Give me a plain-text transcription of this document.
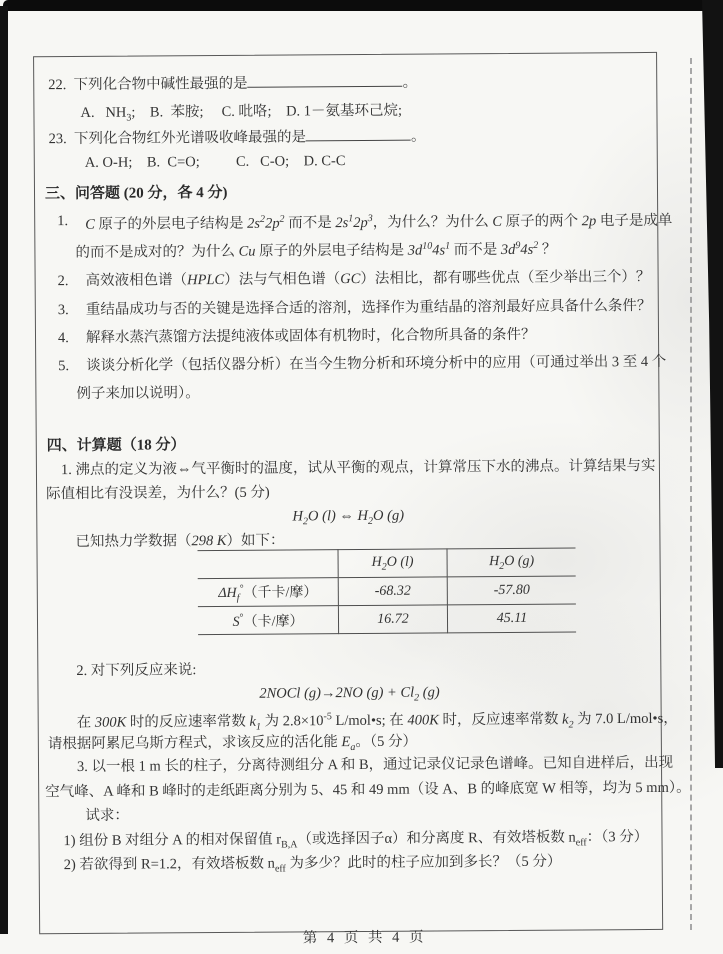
22. 下列化合物中碱性最强的是	。
A.   $NH_3$;    B.  苯胺;     C. 吡咯;    D. 1－氨基环己烷;
23. 下列化合物红外光谱吸收峰最强的是	。
A. O-H;    B.  C=O;          C.   C-O;    D. C-C
三、问答题 (20 分，各 4 分)
1. C 原子的外层电子结构是 $2s^22p^2$ 而不是 $2s^12p^3$，为什么？为什么 C 原子的两个 2p 电子是成单
的而不是成对的？为什么 Cu 原子的外层电子结构是 $3d^{10}4s^1$ 而不是 $3d^94s^2$ ？
2. 高效液相色谱（HPLC）法与气相色谱（GC）法相比，都有哪些优点（至少举出三个）？
3. 重结晶成功与否的关键是选择合适的溶剂，选择作为重结晶的溶剂最好应具备什么条件？
4. 解释水蒸汽蒸馏方法提纯液体或固体有机物时，化合物所具备的条件？
5. 谈谈分析化学（包括仪器分析）在当今生物分析和环境分析中的应用（可通过举出 3 至 4 个
例子来加以说明）。
四、计算题（18 分）
1. 沸点的定义为液⇔气平衡时的温度，试从平衡的观点，计算常压下水的沸点。计算结果与实
际值相比有没误差，为什么？(5 分)
$H_2O$ (l) ⇔ $H_2O$ (g)
已知热力学数据（298 K）如下：
	$H_2O$ (l)	$H_2O$ (g)
$\Delta H_f^\circ$（千卡/摩）	-68.32	-57.80
S°（卡/摩）	16.72	45.11
2. 对下列反应来说:
2NOCl (g)→2NO $(g) + Cl_2$ (g)
在 300K 时的反应速率常数 $k_1$ 为 $2.8\times 10^{-5}$ L/mol•s; 在 400K 时，反应速率常数 $k_2$ 为 7.0 L/mol•s，
请根据阿累尼乌斯方程式，求该反应的活化能 $E_a$。（5 分）
3. 以一根 1 m 长的柱子，分离待测组分 A 和 B，通过记录仪记录色谱峰。已知自进样后，出现
空气峰、A 峰和 B 峰时的走纸距离分别为 5、45 和 49 mm（设 A、B 的峰底宽 W 相等，均为 5 mm）。
试求：
1) 组份 B 对组分 A 的相对保留值 $r_{B,A}$（或选择因子α）和分离度 R、有效塔板数 $n_{eff}$：（3 分）
2) 若欲得到 R=1.2，有效塔板数 $n_{eff}$ 为多少？此时的柱子应加到多长？（5 分）
第 4 页 共 4 页
